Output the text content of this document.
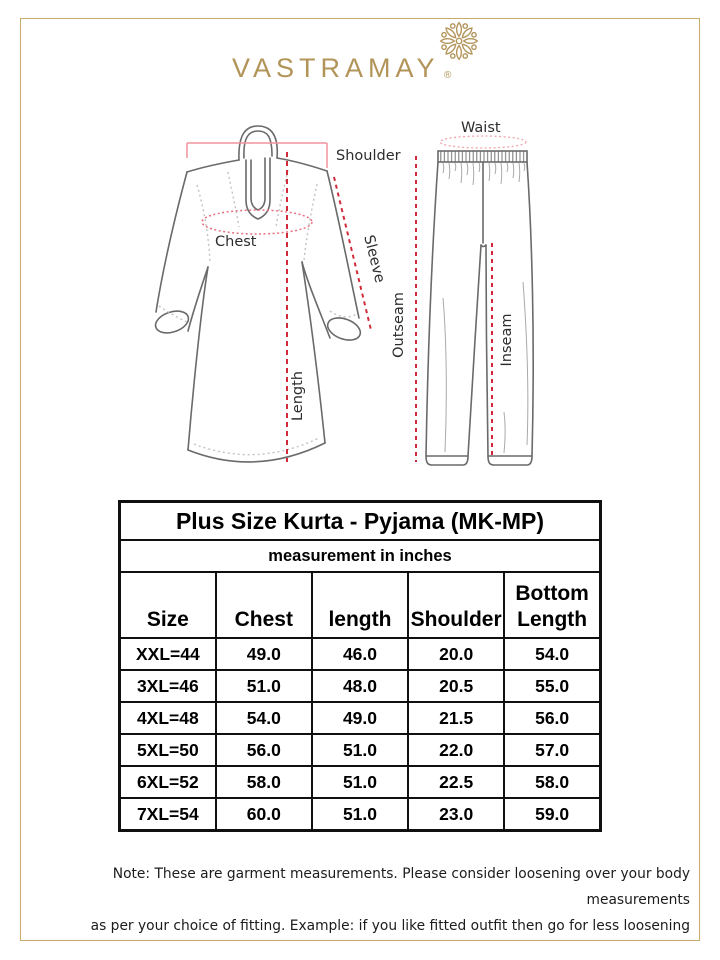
VASTRAMAY ®
Shoulder
Chest	Sleeve
Length
Waist
Outseam	Inseam
Plus Size Kurta - Pyjama (MK-MP)				
measurement in inches				
Size	Chest	length	Shoulder	Bottom Length
XXL=44	49.0	46.0	20.0	54.0
3XL=46	51.0	48.0	20.5	55.0
4XL=48	54.0	49.0	21.5	56.0
5XL=50	56.0	51.0	22.0	57.0
6XL=52	58.0	51.0	22.5	58.0
7XL=54	60.0	51.0	23.0	59.0
Note: These are garment measurements. Please consider loosening over your body measurements
as per your choice of fitting. Example: if you like fitted outfit then go for less loosening
